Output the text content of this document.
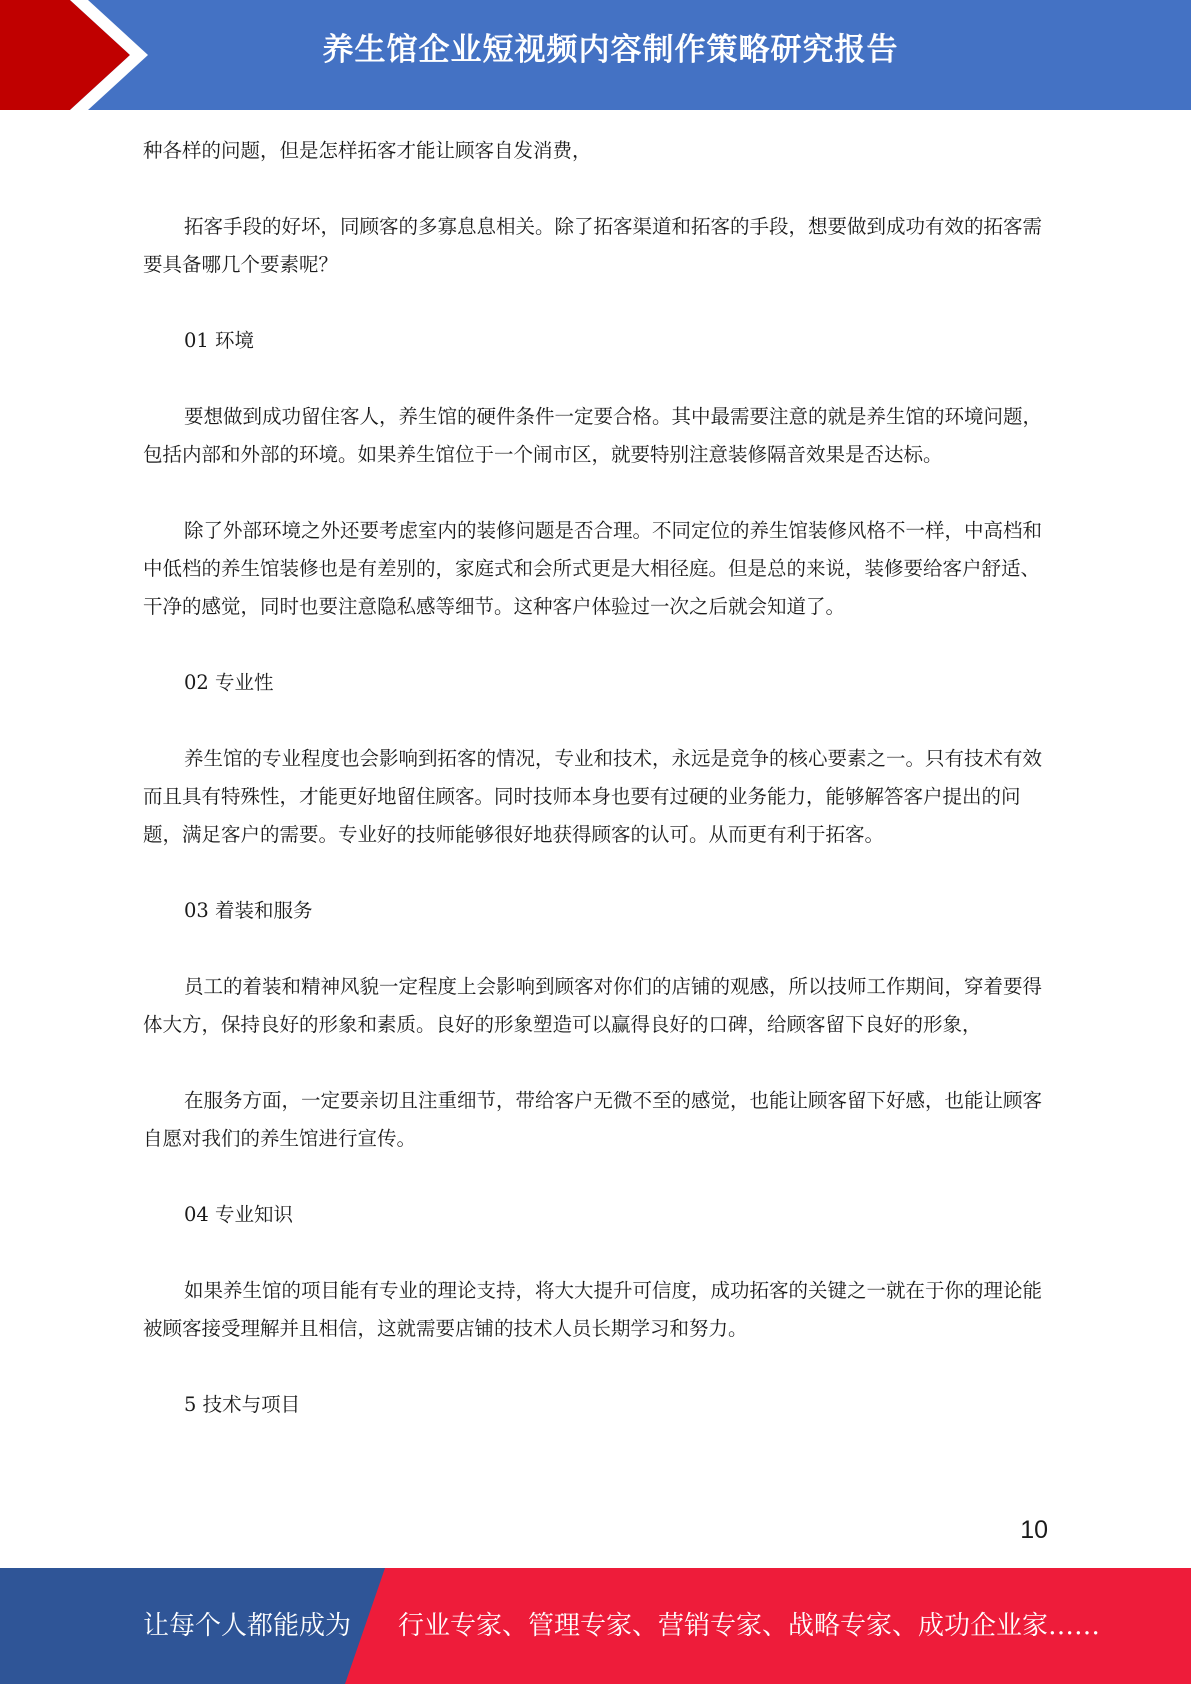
养生馆企业短视频内容制作策略研究报告

种各样的问题，但是怎样拓客才能让顾客自发消费，

拓客手段的好坏，同顾客的多寡息息相关。除了拓客渠道和拓客的手段，想要做到成功有效的拓客需要具备哪几个要素呢？

01 环境

要想做到成功留住客人，养生馆的硬件条件一定要合格。其中最需要注意的就是养生馆的环境问题，包括内部和外部的环境。如果养生馆位于一个闹市区，就要特别注意装修隔音效果是否达标。

除了外部环境之外还要考虑室内的装修问题是否合理。不同定位的养生馆装修风格不一样，中高档和中低档的养生馆装修也是有差别的，家庭式和会所式更是大相径庭。但是总的来说，装修要给客户舒适、干净的感觉，同时也要注意隐私感等细节。这种客户体验过一次之后就会知道了。

02 专业性

养生馆的专业程度也会影响到拓客的情况，专业和技术，永远是竞争的核心要素之一。只有技术有效而且具有特殊性，才能更好地留住顾客。同时技师本身也要有过硬的业务能力，能够解答客户提出的问题，满足客户的需要。专业好的技师能够很好地获得顾客的认可。从而更有利于拓客。

03 着装和服务

员工的着装和精神风貌一定程度上会影响到顾客对你们的店铺的观感，所以技师工作期间，穿着要得体大方，保持良好的形象和素质。良好的形象塑造可以赢得良好的口碑，给顾客留下良好的形象，

在服务方面，一定要亲切且注重细节，带给客户无微不至的感觉，也能让顾客留下好感，也能让顾客自愿对我们的养生馆进行宣传。

04 专业知识

如果养生馆的项目能有专业的理论支持，将大大提升可信度，成功拓客的关键之一就在于你的理论能被顾客接受理解并且相信，这就需要店铺的技术人员长期学习和努力。

5 技术与项目

10
让每个人都能成为 行业专家、管理专家、营销专家、战略专家、成功企业家……
